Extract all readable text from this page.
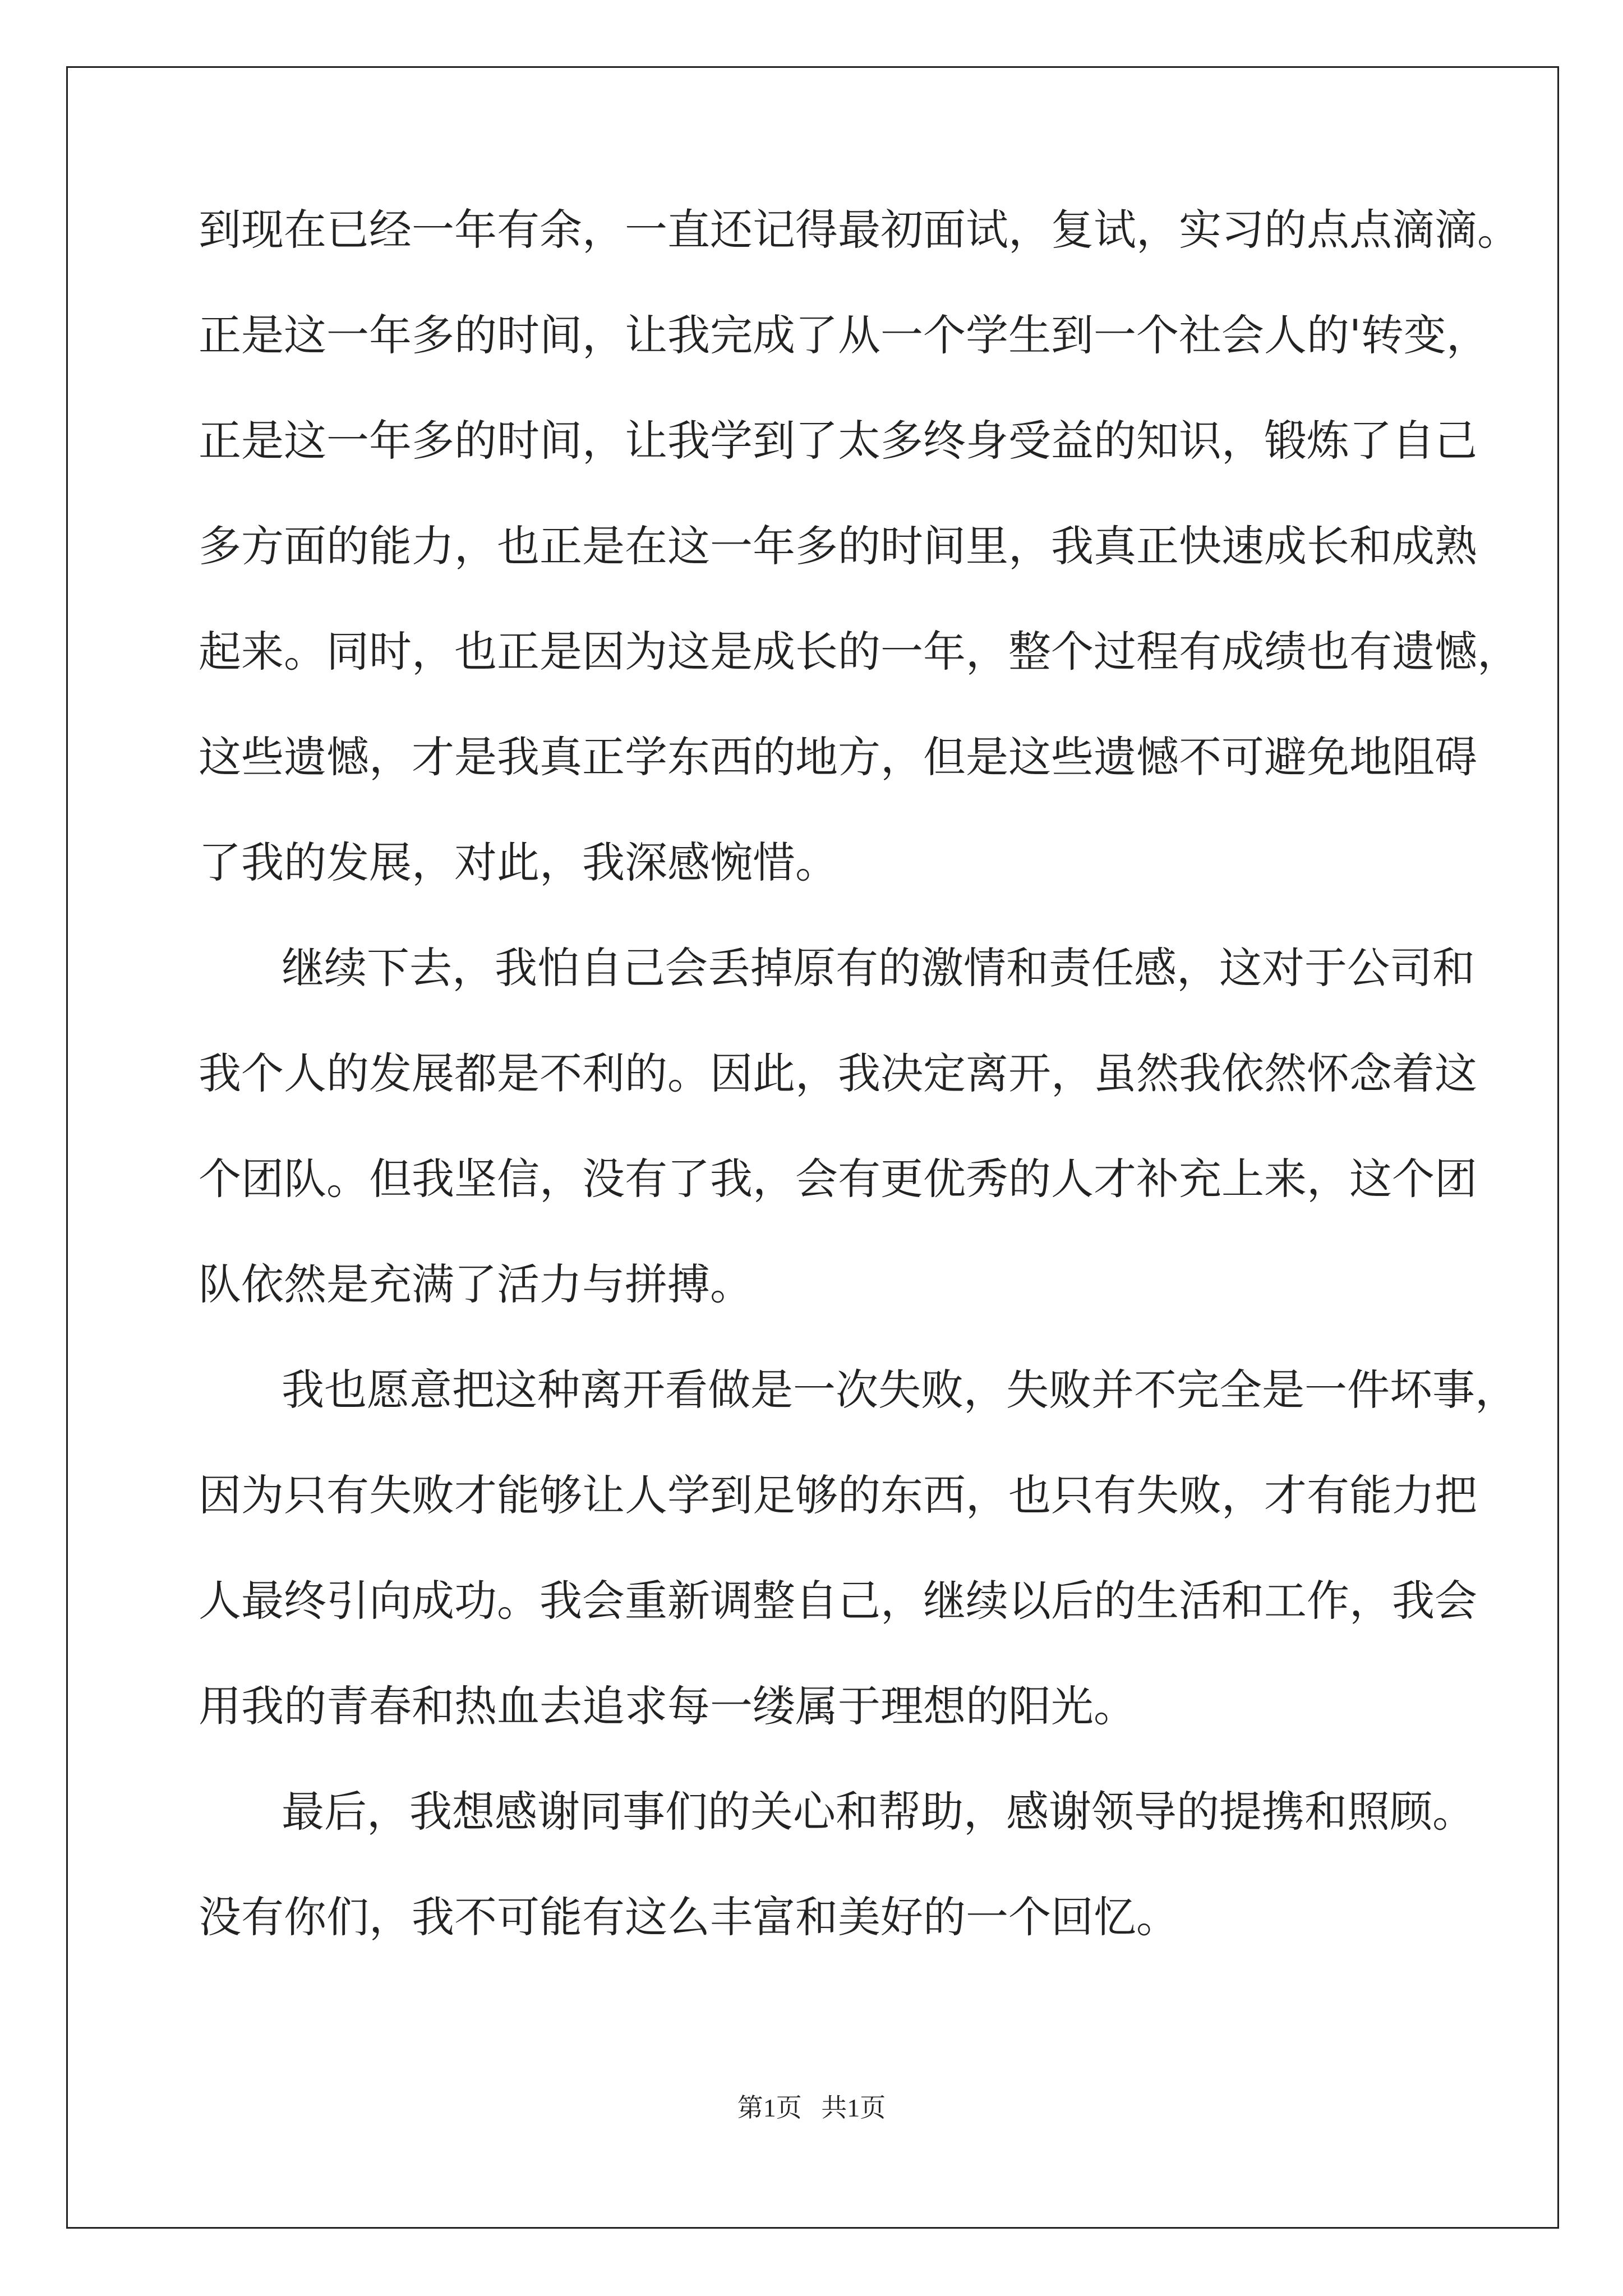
到现在已经一年有余，一直还记得最初面试，复试，实习的点点滴滴。
正是这一年多的时间，让我完成了从一个学生到一个社会人的'转变，
正是这一年多的时间，让我学到了太多终身受益的知识，锻炼了自己
多方面的能力，也正是在这一年多的时间里，我真正快速成长和成熟
起来。同时，也正是因为这是成长的一年，整个过程有成绩也有遗憾，
这些遗憾，才是我真正学东西的地方，但是这些遗憾不可避免地阻碍
了我的发展，对此，我深感惋惜。
继续下去，我怕自己会丢掉原有的激情和责任感，这对于公司和
我个人的发展都是不利的。因此，我决定离开，虽然我依然怀念着这
个团队。但我坚信，没有了我，会有更优秀的人才补充上来，这个团
队依然是充满了活力与拼搏。
我也愿意把这种离开看做是一次失败，失败并不完全是一件坏事，
因为只有失败才能够让人学到足够的东西，也只有失败，才有能力把
人最终引向成功。我会重新调整自己，继续以后的生活和工作，我会
用我的青春和热血去追求每一缕属于理想的阳光。
最后，我想感谢同事们的关心和帮助，感谢领导的提携和照顾。
没有你们，我不可能有这么丰富和美好的一个回忆。
第1页   共1页
